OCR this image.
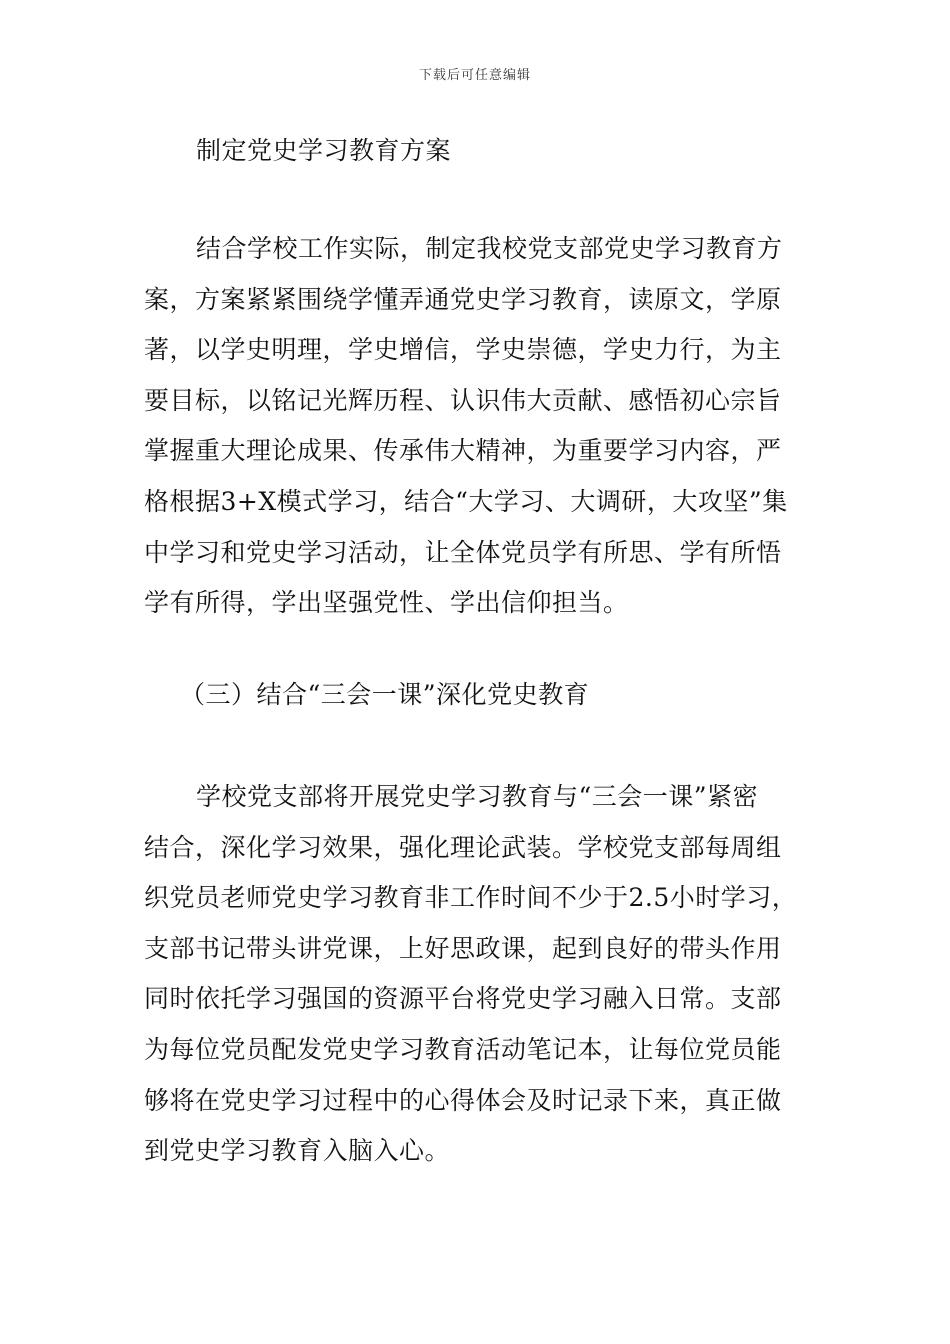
下载后可任意编辑
制定党史学习教育方案
结合学校工作实际，制定我校党支部党史学习教育方
案，方案紧紧围绕学懂弄通党史学习教育，读原文，学原
著，以学史明理，学史增信，学史崇德，学史力行，为主
要目标，以铭记光辉历程、认识伟大贡献、感悟初心宗旨
掌握重大理论成果、传承伟大精神，为重要学习内容，严
格根据3+X模式学习，结合“大学习、大调研，大攻坚”集
中学习和党史学习活动，让全体党员学有所思、学有所悟
学有所得，学出坚强党性、学出信仰担当。
（三）结合“三会一课”深化党史教育
学校党支部将开展党史学习教育与“三会一课”紧密
结合，深化学习效果，强化理论武装。学校党支部每周组
织党员老师党史学习教育非工作时间不少于2.5小时学习，
支部书记带头讲党课，上好思政课，起到良好的带头作用
同时依托学习强国的资源平台将党史学习融入日常。支部
为每位党员配发党史学习教育活动笔记本，让每位党员能
够将在党史学习过程中的心得体会及时记录下来，真正做
到党史学习教育入脑入心。
